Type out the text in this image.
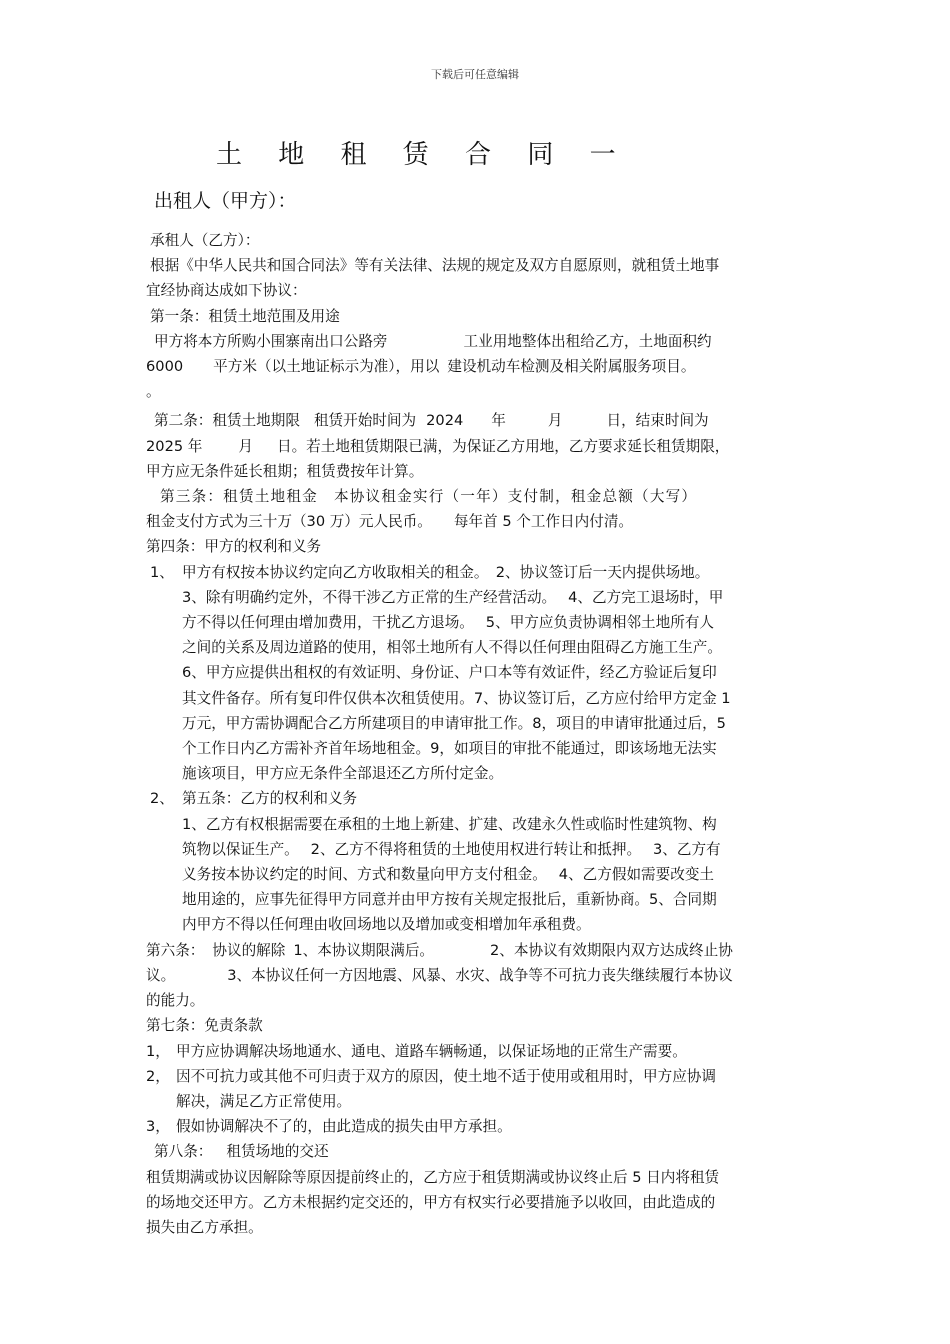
下载后可任意编辑
土 地 租 赁 合 同 一
出租人（甲方）：

承租人（乙方）：

根据《中华人民共和国合同法》等有关法律、法规的规定及双方自愿原则，就租赁土地事

宜经协商达成如下协议：

第一条：租赁土地范围及用途

甲方将本方所购小围寨南出口公路旁	工业用地整体出租给乙方，土地面积约

6000 平方米（以土地证标示为准），用以 建设机动车检测及相关附属服务项目。

。

第二条：租赁土地期限 租赁开始时间为 2024 年	月	日，结束时间为

2025 年 月 日。若土地租赁期限已满，为保证乙方用地，乙方要求延长租赁期限，

甲方应无条件延长租期；租赁费按年计算。

第三条：租赁土地租金 本协议租金实行（一年）支付制，租金总额（大写）

租金支付方式为三十万（30 万）元人民币。 每年首 5 个工作日内付清。

第四条：甲方的权利和义务

1、 甲方有权按本协议约定向乙方收取相关的租金。　2、协议签订后一天内提供场地。

3、除有明确约定外，不得干涉乙方正常的生产经营活动。　 4、乙方完工退场时，甲

方不得以任何理由增加费用，干扰乙方退场。　 5、甲方应负责协调相邻土地所有人

之间的关系及周边道路的使用，相邻土地所有人不得以任何理由阻碍乙方施工生产。

6、甲方应提供出租权的有效证明、身份证、户口本等有效证件，经乙方验证后复印

其文件备存。所有复印件仅供本次租赁使用。7、协议签订后，乙方应付给甲方定金 1

万元，甲方需协调配合乙方所建项目的申请审批工作。8，项目的申请审批通过后，5

个工作日内乙方需补齐首年场地租金。9，如项目的审批不能通过，即该场地无法实

施该项目，甲方应无条件全部退还乙方所付定金。

2、 第五条：乙方的权利和义务

1、乙方有权根据需要在承租的土地上新建、扩建、改建永久性或临时性建筑物、构

筑物以保证生产。　 2、乙方不得将租赁的土地使用权进行转让和抵押。　 3、乙方有

义务按本协议约定的时间、方式和数量向甲方支付租金。　 4、乙方假如需要改变土

地用途的，应事先征得甲方同意并由甲方按有关规定报批后，重新协商。5、合同期

内甲方不得以任何理由收回场地以及增加或变相增加年承租费。

第六条： 协议的解除 1、本协议期限满后。	2、本协议有效期限内双方达成终止协

议。	3、本协议任何一方因地震、风暴、水灾、战争等不可抗力丧失继续履行本协议

的能力。

第七条：免责条款

1， 甲方应协调解决场地通水、通电、道路车辆畅通，以保证场地的正常生产需要。
2， 因不可抗力或其他不可归责于双方的原因，使土地不适于使用或租用时，甲方应协调
解决，满足乙方正常使用。
3， 假如协调解决不了的，由此造成的损失由甲方承担。

第八条： 租赁场地的交还

租赁期满或协议因解除等原因提前终止的，乙方应于租赁期满或协议终止后 5 日内将租赁

的场地交还甲方。乙方未根据约定交还的，甲方有权实行必要措施予以收回，由此造成的

损失由乙方承担。
